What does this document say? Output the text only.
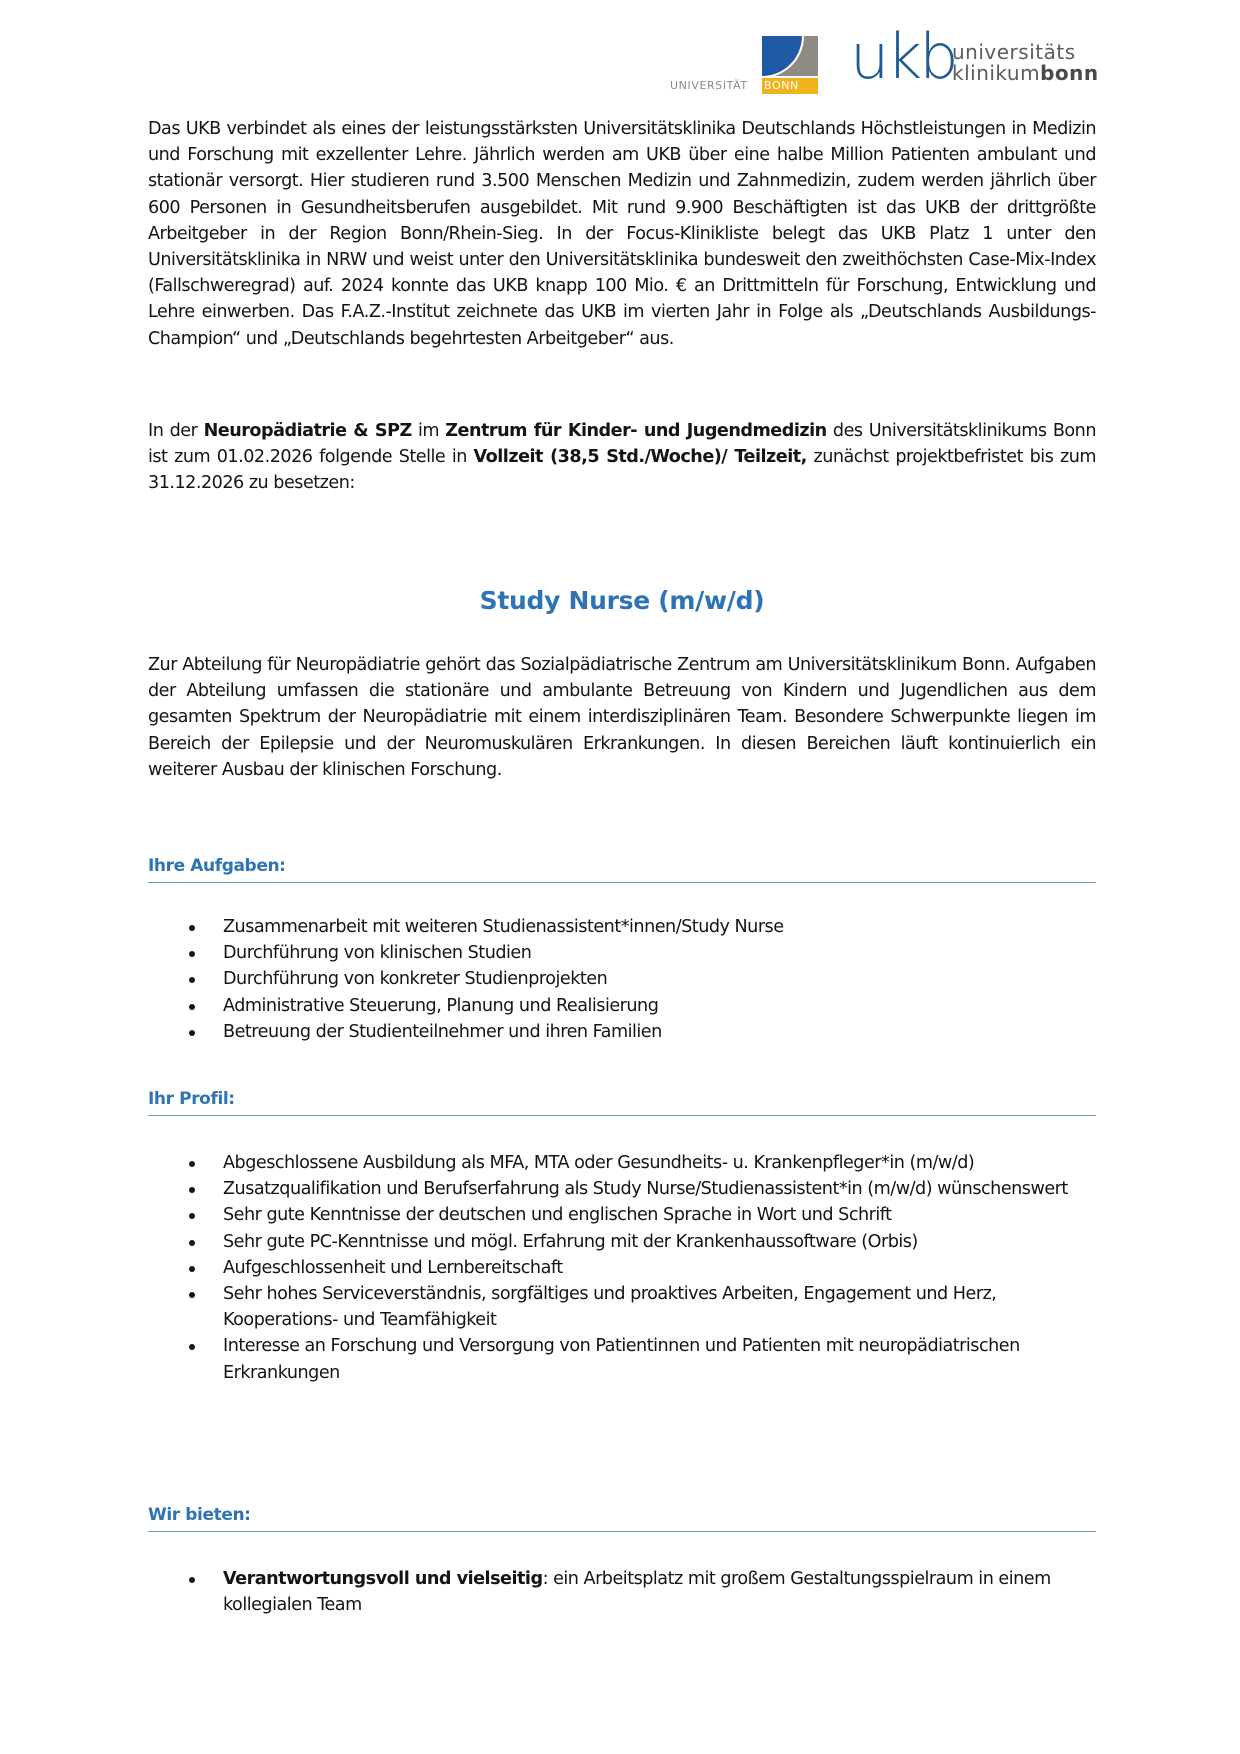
UNIVERSITÄT BONN ukb
universitäts
klinikumbonn

Das UKB verbindet als eines der leistungsstärksten Universitätsklinika Deutschlands Höchstleistungen in Medizin und Forschung mit exzellenter Lehre. Jährlich werden am UKB über eine halbe Million Patienten ambulant und stationär versorgt. Hier studieren rund 3.500 Menschen Medizin und Zahnmedizin, zudem werden jährlich über 600 Personen in Gesundheitsberufen ausgebildet. Mit rund 9.900 Beschäftigten ist das UKB der drittgrößte Arbeitgeber in der Region Bonn/Rhein-Sieg. In der Focus-Klinikliste belegt das UKB Platz 1 unter den Universitätsklinika in NRW und weist unter den Universitätsklinika bundesweit den zweithöchsten Case-Mix-Index (Fallschweregrad) auf. 2024 konnte das UKB knapp 100 Mio. € an Drittmitteln für Forschung, Entwicklung und Lehre einwerben. Das F.A.Z.-Institut zeichnete das UKB im vierten Jahr in Folge als „Deutschlands Ausbildungs-Champion“ und „Deutschlands begehrtesten Arbeitgeber“ aus.

In der Neuropädiatrie & SPZ im Zentrum für Kinder- und Jugendmedizin des Universitätsklinikums Bonn ist zum 01.02.2026 folgende Stelle in Vollzeit (38,5 Std./Woche)/ Teilzeit, zunächst projektbefristet bis zum 31.12.2026 zu besetzen:

Study Nurse (m/w/d)

Zur Abteilung für Neuropädiatrie gehört das Sozialpädiatrische Zentrum am Universitätsklinikum Bonn. Aufgaben der Abteilung umfassen die stationäre und ambulante Betreuung von Kindern und Jugendlichen aus dem gesamten Spektrum der Neuropädiatrie mit einem interdisziplinären Team. Besondere Schwerpunkte liegen im Bereich der Epilepsie und der Neuromuskulären Erkrankungen. In diesen Bereichen läuft kontinuierlich ein weiterer Ausbau der klinischen Forschung.

Ihre Aufgaben:
Zusammenarbeit mit weiteren Studienassistent*innen/Study Nurse
Durchführung von klinischen Studien
Durchführung von konkreter Studienprojekten
Administrative Steuerung, Planung und Realisierung
Betreuung der Studienteilnehmer und ihren Familien
Ihr Profil:
Abgeschlossene Ausbildung als MFA, MTA oder Gesundheits- u. Krankenpfleger*in (m/w/d)
Zusatzqualifikation und Berufserfahrung als Study Nurse/Studienassistent*in (m/w/d) wünschenswert
Sehr gute Kenntnisse der deutschen und englischen Sprache in Wort und Schrift
Sehr gute PC-Kenntnisse und mögl. Erfahrung mit der Krankenhaussoftware (Orbis)
Aufgeschlossenheit und Lernbereitschaft
Sehr hohes Serviceverständnis, sorgfältiges und proaktives Arbeiten, Engagement und Herz, Kooperations- und Teamfähigkeit
Interesse an Forschung und Versorgung von Patientinnen und Patienten mit neuropädiatrischen Erkrankungen
Wir bieten:
Verantwortungsvoll und vielseitig: ein Arbeitsplatz mit großem Gestaltungsspielraum in einem kollegialen Team
